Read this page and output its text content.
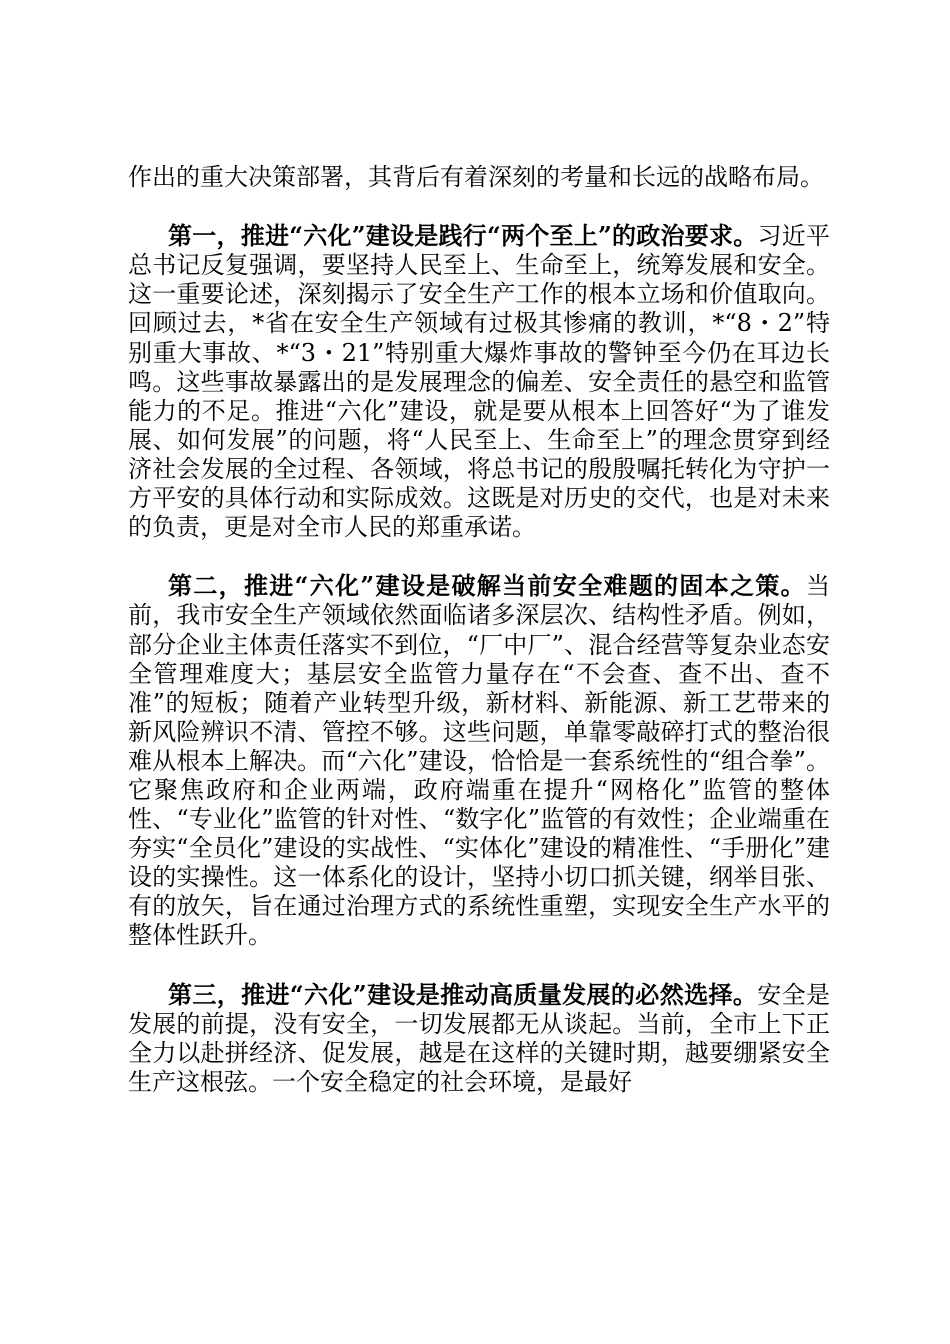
作出的重大决策部署，其背后有着深刻的考量和长远的战略布局。

第一，推进“六化”建设是践行“两个至上”的政治要求。习近平总书记反复强调，要坚持人民至上、生命至上，统筹发展和安全。这一重要论述，深刻揭示了安全生产工作的根本立场和价值取向。回顾过去，*省在安全生产领域有过极其惨痛的教训，*“8・2”特别重大事故、*“3・21”特别重大爆炸事故的警钟至今仍在耳边长鸣。这些事故暴露出的是发展理念的偏差、安全责任的悬空和监管能力的不足。推进“六化”建设，就是要从根本上回答好“为了谁发展、如何发展”的问题，将“人民至上、生命至上”的理念贯穿到经济社会发展的全过程、各领域，将总书记的殷殷嘱托转化为守护一方平安的具体行动和实际成效。这既是对历史的交代，也是对未来的负责，更是对全市人民的郑重承诺。

第二，推进“六化”建设是破解当前安全难题的固本之策。当前，我市安全生产领域依然面临诸多深层次、结构性矛盾。例如，部分企业主体责任落实不到位，“厂中厂”、混合经营等复杂业态安全管理难度大；基层安全监管力量存在“不会查、查不出、查不准”的短板；随着产业转型升级，新材料、新能源、新工艺带来的新风险辨识不清、管控不够。这些问题，单靠零敲碎打式的整治很难从根本上解决。而“六化”建设，恰恰是一套系统性的“组合拳”。它聚焦政府和企业两端，政府端重在提升“网格化”监管的整体性、“专业化”监管的针对性、“数字化”监管的有效性；企业端重在夯实“全员化”建设的实战性、“实体化”建设的精准性、“手册化”建设的实操性。这一体系化的设计，坚持小切口抓关键，纲举目张、有的放矢，旨在通过治理方式的系统性重塑，实现安全生产水平的整体性跃升。

第三，推进“六化”建设是推动高质量发展的必然选择。安全是发展的前提，没有安全，一切发展都无从谈起。当前，全市上下正全力以赴拼经济、促发展，越是在这样的关键时期，越要绷紧安全生产这根弦。一个安全稳定的社会环境，是最好
